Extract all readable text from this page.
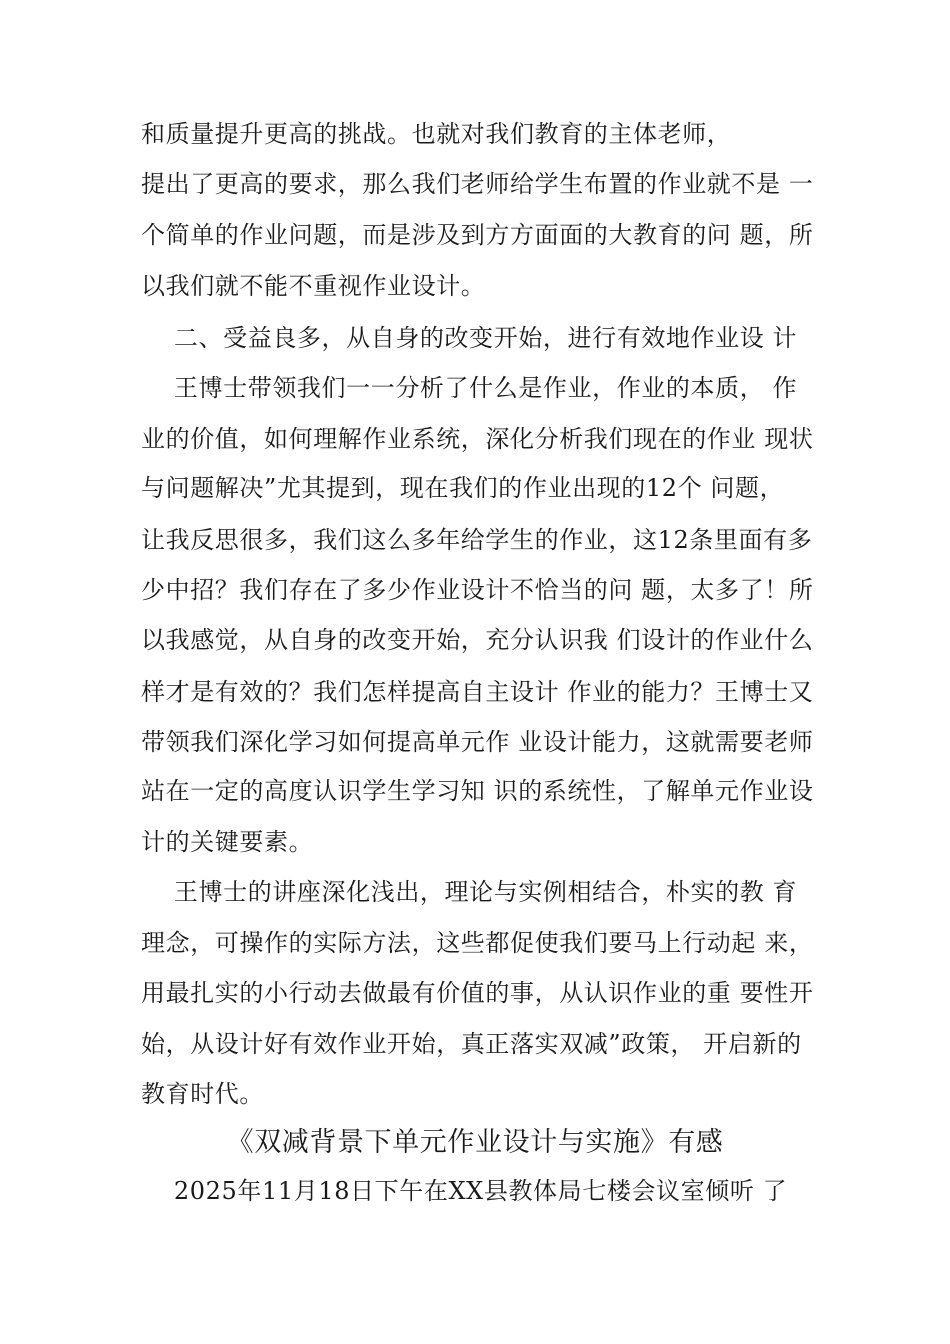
和质量提升更高的挑战。也就对我们教育的主体老师，
提出了更高的要求，那么我们老师给学生布置的作业就不是 一
个简单的作业问题，而是涉及到方方面面的大教育的问 题，所
以我们就不能不重视作业设计。
二、受益良多，从自身的改变开始，进行有效地作业设 计
王博士带领我们一一分析了什么是作业，作业的本质， 作
业的价值，如何理解作业系统，深化分析我们现在的作业 现状
与问题解决”尤其提到，现在我们的作业出现的12个 问题，
让我反思很多，我们这么多年给学生的作业，这12条里面有多
少中招？我们存在了多少作业设计不恰当的问 题，太多了！所
以我感觉，从自身的改变开始，充分认识我 们设计的作业什么
样才是有效的？我们怎样提高自主设计 作业的能力？王博士又
带领我们深化学习如何提高单元作 业设计能力，这就需要老师
站在一定的高度认识学生学习知 识的系统性，了解单元作业设
计的关键要素。
王博士的讲座深化浅出，理论与实例相结合，朴实的教 育
理念，可操作的实际方法，这些都促使我们要马上行动起 来，
用最扎实的小行动去做最有价值的事，从认识作业的重 要性开
始，从设计好有效作业开始，真正落实双减”政策， 开启新的
教育时代。
《双减背景下单元作业设计与实施》有感
2025年11月18日下午在XX县教体局七楼会议室倾听 了
